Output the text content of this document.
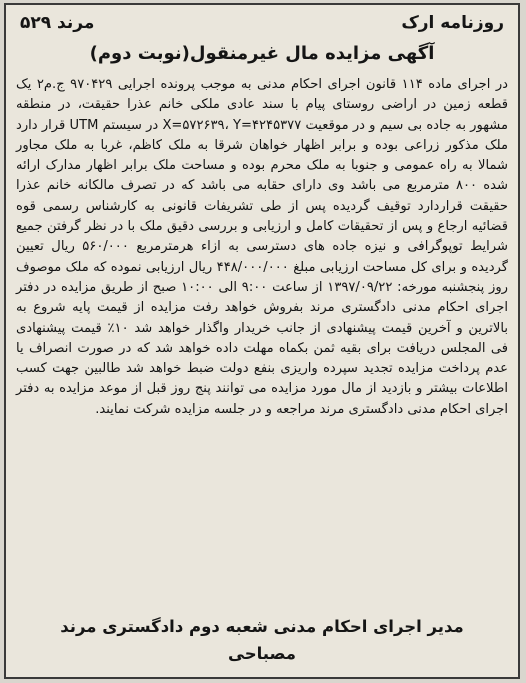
روزنامه ارک
مرند ۵۲۹
آگهی مزایده مال غیرمنقول(نوبت دوم)

در اجرای ماده ۱۱۴ قانون اجرای احکام مدنی به موجب پرونده اجرایی ۹۷۰۴۲۹ ج.م۲ یک قطعه زمین در اراضی روستای پیام با سند عادی ملکی خانم عذرا حقیقت، در منطقه مشهور به جاده بی سیم و در موقعیت X=۵۷۲۶۳۹، Y=۴۲۴۵۳۷۷ در سیستم UTM قرار دارد ملک مذکور زراعی بوده و برابر اظهار خواهان شرقا به ملک کاظم، غربا به ملک مجاور شمالا به راه عمومی و جنوبا به ملک محرم بوده و مساحت ملک برابر اظهار مدارک ارائه شده ۸۰۰ مترمربع می باشد وی دارای حقابه می باشد که در تصرف مالکانه خانم عذرا حقیقت قراردارد توقیف گردیده پس از طی تشریفات قانونی به کارشناس رسمی قوه قضائیه ارجاع و پس از تحقیقات کامل و ارزیابی و بررسی دقیق ملک با در نظر گرفتن جمیع شرایط توپوگرافی و نیزه جاده های دسترسی به ازاء هرمترمربع ۵۶۰/۰۰۰ ریال تعیین گردیده و برای کل مساحت ارزیابی مبلغ ۴۴۸/۰۰۰/۰۰۰ ریال ارزیابی نموده که ملک موصوف روز پنجشنبه مورخه: ۱۳۹۷/۰۹/۲۲ از ساعت ۹:۰۰ الی ۱۰:۰۰ صبح از طریق مزایده در دفتر اجرای احکام مدنی دادگستری مرند بفروش خواهد رفت مزایده از قیمت پایه شروع به بالاترین و آخرین قیمت پیشنهادی از جانب خریدار واگذار خواهد شد ۱۰٪ قیمت پیشنهادی فی المجلس دریافت برای بقیه ثمن بکماه مهلت داده خواهد شد که در صورت انصراف یا عدم پرداخت مزایده تجدید سپرده واریزی بنفع دولت ضبط خواهد شد طالبین جهت کسب اطلاعات بیشتر و بازدید از مال مورد مزایده می توانند پنج روز قبل از موعد مزایده به دفتر اجرای احکام مدنی دادگستری مرند مراجعه و در جلسه مزایده شرکت نمایند.

مدیر اجرای احکام مدنی شعبه دوم دادگستری مرند
مصباحی
